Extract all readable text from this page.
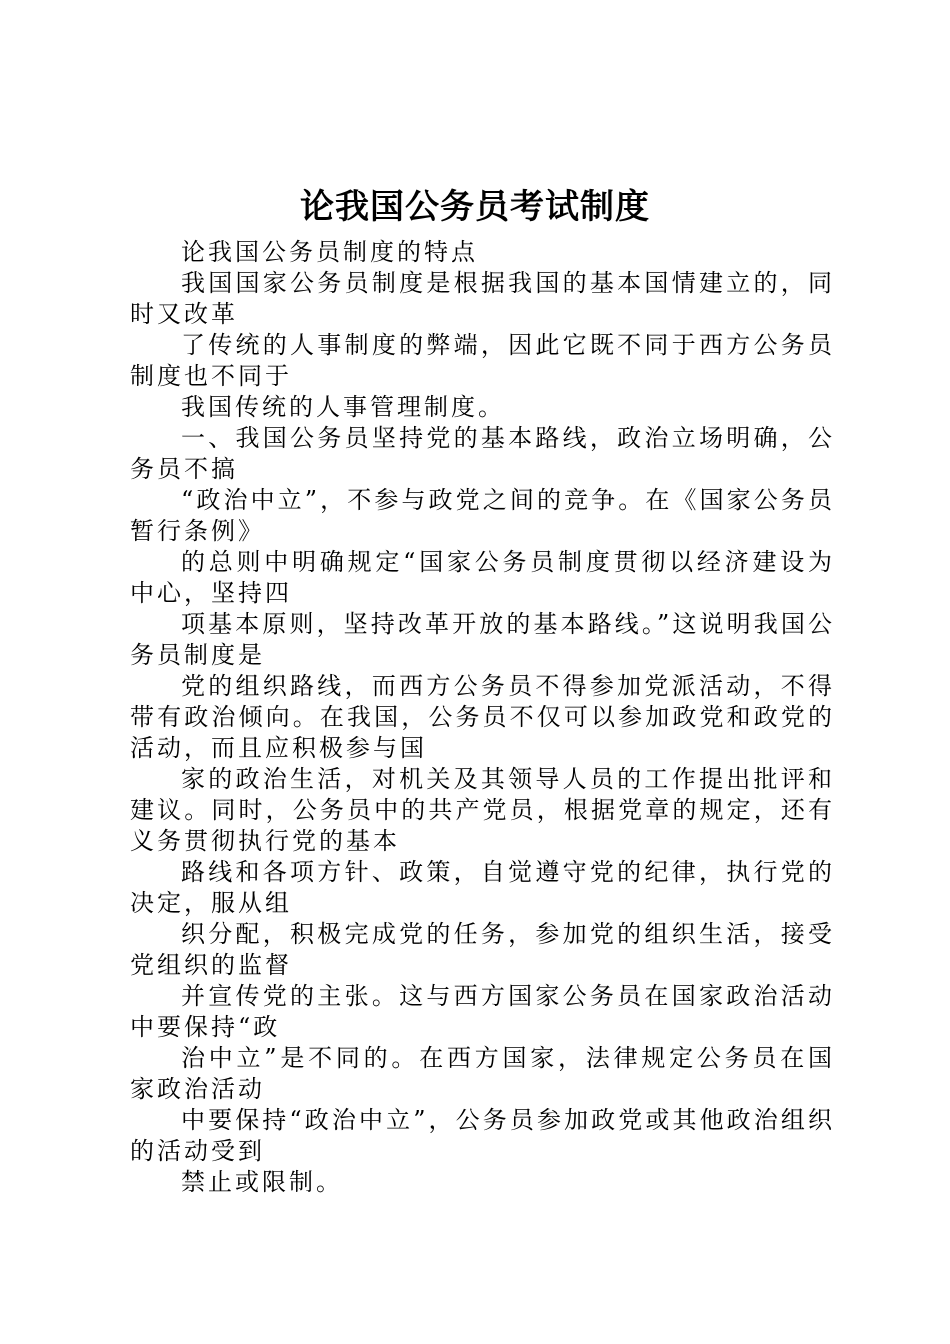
论我国公务员考试制度

论我国公务员制度的特点

我国国家公务员制度是根据我国的基本国情建立的，同时又改革

了传统的人事制度的弊端，因此它既不同于西方公务员制度也不同于

我国传统的人事管理制度。

一、我国公务员坚持党的基本路线，政治立场明确，公务员不搞

“政治中立”，不参与政党之间的竞争。在《国家公务员暂行条例》

的总则中明确规定“国家公务员制度贯彻以经济建设为中心，坚持四

项基本原则，坚持改革开放的基本路线。”这说明我国公务员制度是

党的组织路线，而西方公务员不得参加党派活动，不得带有政治倾向。在我国，公务员不仅可以参加政党和政党的活动，而且应积极参与国

家的政治生活，对机关及其领导人员的工作提出批评和建议。同时，公务员中的共产党员，根据党章的规定，还有义务贯彻执行党的基本

路线和各项方针、政策，自觉遵守党的纪律，执行党的决定，服从组

织分配，积极完成党的任务，参加党的组织生活，接受党组织的监督

并宣传党的主张。这与西方国家公务员在国家政治活动中要保持“政

治中立”是不同的。在西方国家，法律规定公务员在国家政治活动

中要保持“政治中立”，公务员参加政党或其他政治组织的活动受到

禁止或限制。
